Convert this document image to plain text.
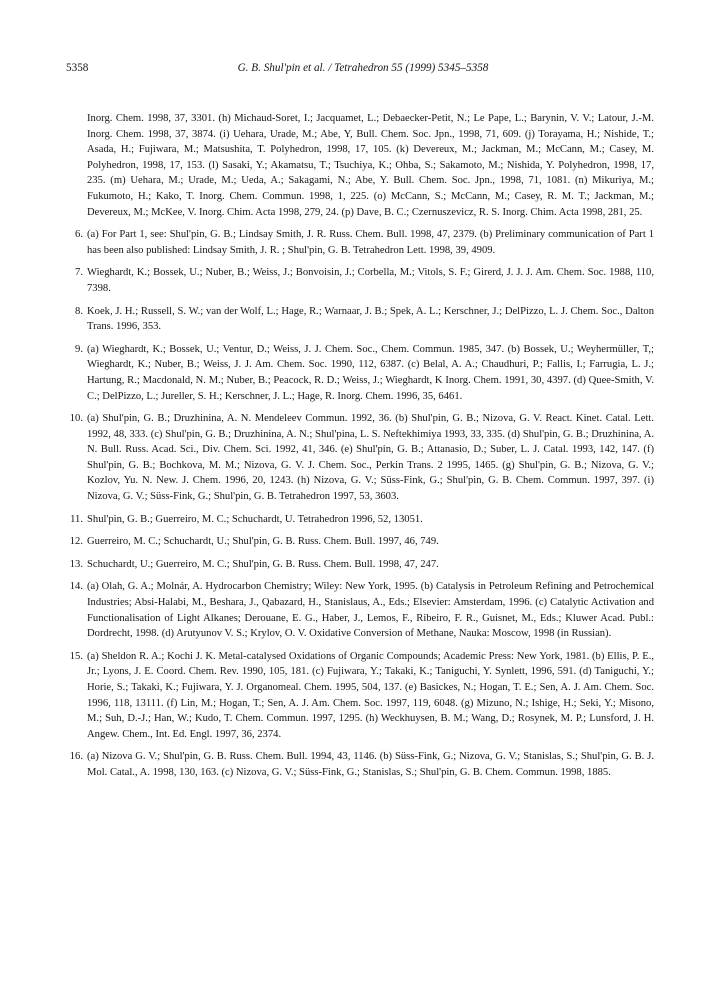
5358	G. B. Shul'pin et al. / Tetrahedron 55 (1999) 5345–5358
Inorg. Chem. 1998, 37, 3301. (h) Michaud-Soret, I.; Jacquamet, L.; Debaecker-Petit, N.; Le Pape, L.; Barynin, V. V.; Latour, J.-M. Inorg. Chem. 1998, 37, 3874. (i) Uehara, Urade, M.; Abe, Y, Bull. Chem. Soc. Jpn., 1998, 71, 609. (j) Torayama, H.; Nishide, T.; Asada, H.; Fujiwara, M.; Matsushita, T. Polyhedron, 1998, 17, 105. (k) Devereux, M.; Jackman, M.; McCann, M.; Casey, M. Polyhedron, 1998, 17, 153. (l) Sasaki, Y.; Akamatsu, T.; Tsuchiya, K.; Ohba, S.; Sakamoto, M.; Nishida, Y. Polyhedron, 1998, 17, 235. (m) Uehara, M.; Urade, M.; Ueda, A.; Sakagami, N.; Abe, Y. Bull. Chem. Soc. Jpn., 1998, 71, 1081. (n) Mikuriya, M.; Fukumoto, H.; Kako, T. Inorg. Chem. Commun. 1998, 1, 225. (o) McCann, S.; McCann, M.; Casey, R. M. T.; Jackman, M.; Devereux, M.; McKee, V. Inorg. Chim. Acta 1998, 279, 24. (p) Dave, B. C.; Czernuszevicz, R. S. Inorg. Chim. Acta 1998, 281, 25.
6. (a) For Part 1, see: Shul'pin, G. B.; Lindsay Smith, J. R. Russ. Chem. Bull. 1998, 47, 2379. (b) Preliminary communication of Part 1 has been also published: Lindsay Smith, J. R. ; Shul'pin, G. B. Tetrahedron Lett. 1998, 39, 4909.
7. Wieghardt, K.; Bossek, U.; Nuber, B.; Weiss, J.; Bonvoisin, J.; Corbella, M.; Vitols, S. F.; Girerd, J. J. J. Am. Chem. Soc. 1988, 110, 7398.
8. Koek, J. H.; Russell, S. W.; van der Wolf, L.; Hage, R.; Warnaar, J. B.; Spek, A. L.; Kerschner, J.; DelPizzo, L. J. Chem. Soc., Dalton Trans. 1996, 353.
9. (a) Wieghardt, K.; Bossek, U.; Ventur, D.; Weiss, J. J. Chem. Soc., Chem. Commun. 1985, 347. (b) Bossek, U.; Weyhermüller, T,; Wieghardt, K.; Nuber, B.; Weiss, J. J. Am. Chem. Soc. 1990, 112, 6387. (c) Belal, A. A.; Chaudhuri, P.; Fallis, I.; Farrugia, L. J.; Hartung, R.; Macdonald, N. M.; Nuber, B.; Peacock, R. D.; Weiss, J.; Wieghardt, K Inorg. Chem. 1991, 30, 4397. (d) Quee-Smith, V. C.; DelPizzo, L.; Jureller, S. H.; Kerschner, J. L.; Hage, R. Inorg. Chem. 1996, 35, 6461.
10. (a) Shul'pin, G. B.; Druzhinina, A. N. Mendeleev Commun. 1992, 36. (b) Shul'pin, G. B.; Nizova, G. V. React. Kinet. Catal. Lett. 1992, 48, 333. (c) Shul'pin, G. B.; Druzhinina, A. N.; Shul'pina, L. S. Neftekhimiya 1993, 33, 335. (d) Shul'pin, G. B.; Druzhinina, A. N. Bull. Russ. Acad. Sci., Div. Chem. Sci. 1992, 41, 346. (e) Shul'pin, G. B.; Attanasio, D.; Suber, L. J. Catal. 1993, 142, 147. (f) Shul'pin, G. B.; Bochkova, M. M.; Nizova, G. V. J. Chem. Soc., Perkin Trans. 2 1995, 1465. (g) Shul'pin, G. B.; Nizova, G. V.; Kozlov, Yu. N. New. J. Chem. 1996, 20, 1243. (h) Nizova, G. V.; Süss-Fink, G.; Shul'pin, G. B. Chem. Commun. 1997, 397. (i) Nizova, G. V.; Süss-Fink, G.; Shul'pin, G. B. Tetrahedron 1997, 53, 3603.
11. Shul'pin, G. B.; Guerreiro, M. C.; Schuchardt, U. Tetrahedron 1996, 52, 13051.
12. Guerreiro, M. C.; Schuchardt, U.; Shul'pin, G. B. Russ. Chem. Bull. 1997, 46, 749.
13. Schuchardt, U.; Guerreiro, M. C.; Shul'pin, G. B. Russ. Chem. Bull. 1998, 47, 247.
14. (a) Olah, G. A.; Molnár, A. Hydrocarbon Chemistry; Wiley: New York, 1995. (b) Catalysis in Petroleum Refining and Petrochemical Industries; Absi-Halabi, M., Beshara, J., Qabazard, H., Stanislaus, A., Eds.; Elsevier: Amsterdam, 1996. (c) Catalytic Activation and Functionalisation of Light Alkanes; Derouane, E. G., Haber, J., Lemos, F., Ribeiro, F. R., Guisnet, M., Eds.; Kluwer Acad. Publ.: Dordrecht, 1998. (d) Arutyunov V. S.; Krylov, O. V. Oxidative Conversion of Methane, Nauka: Moscow, 1998 (in Russian).
15. (a) Sheldon R. A.; Kochi J. K. Metal-catalysed Oxidations of Organic Compounds; Academic Press: New York, 1981. (b) Ellis, P. E., Jr.; Lyons, J. E. Coord. Chem. Rev. 1990, 105, 181. (c) Fujiwara, Y.; Takaki, K.; Taniguchi, Y. Synlett, 1996, 591. (d) Taniguchi, Y.; Horie, S.; Takaki, K.; Fujiwara, Y. J. Organomeal. Chem. 1995, 504, 137. (e) Basickes, N.; Hogan, T. E.; Sen, A. J. Am. Chem. Soc. 1996, 118, 13111. (f) Lin, M.; Hogan, T.; Sen, A. J. Am. Chem. Soc. 1997, 119, 6048. (g) Mizuno, N.; Ishige, H.; Seki, Y.; Misono, M.; Suh, D.-J.; Han, W.; Kudo, T. Chem. Commun. 1997, 1295. (h) Weckhuysen, B. M.; Wang, D.; Rosynek, M. P.; Lunsford, J. H. Angew. Chem., Int. Ed. Engl. 1997, 36, 2374.
16. (a) Nizova G. V.; Shul'pin, G. B. Russ. Chem. Bull. 1994, 43, 1146. (b) Süss-Fink, G.; Nizova, G. V.; Stanislas, S.; Shul'pin, G. B. J. Mol. Catal., A. 1998, 130, 163. (c) Nizova, G. V.; Süss-Fink, G.; Stanislas, S.; Shul'pin, G. B. Chem. Commun. 1998, 1885.
